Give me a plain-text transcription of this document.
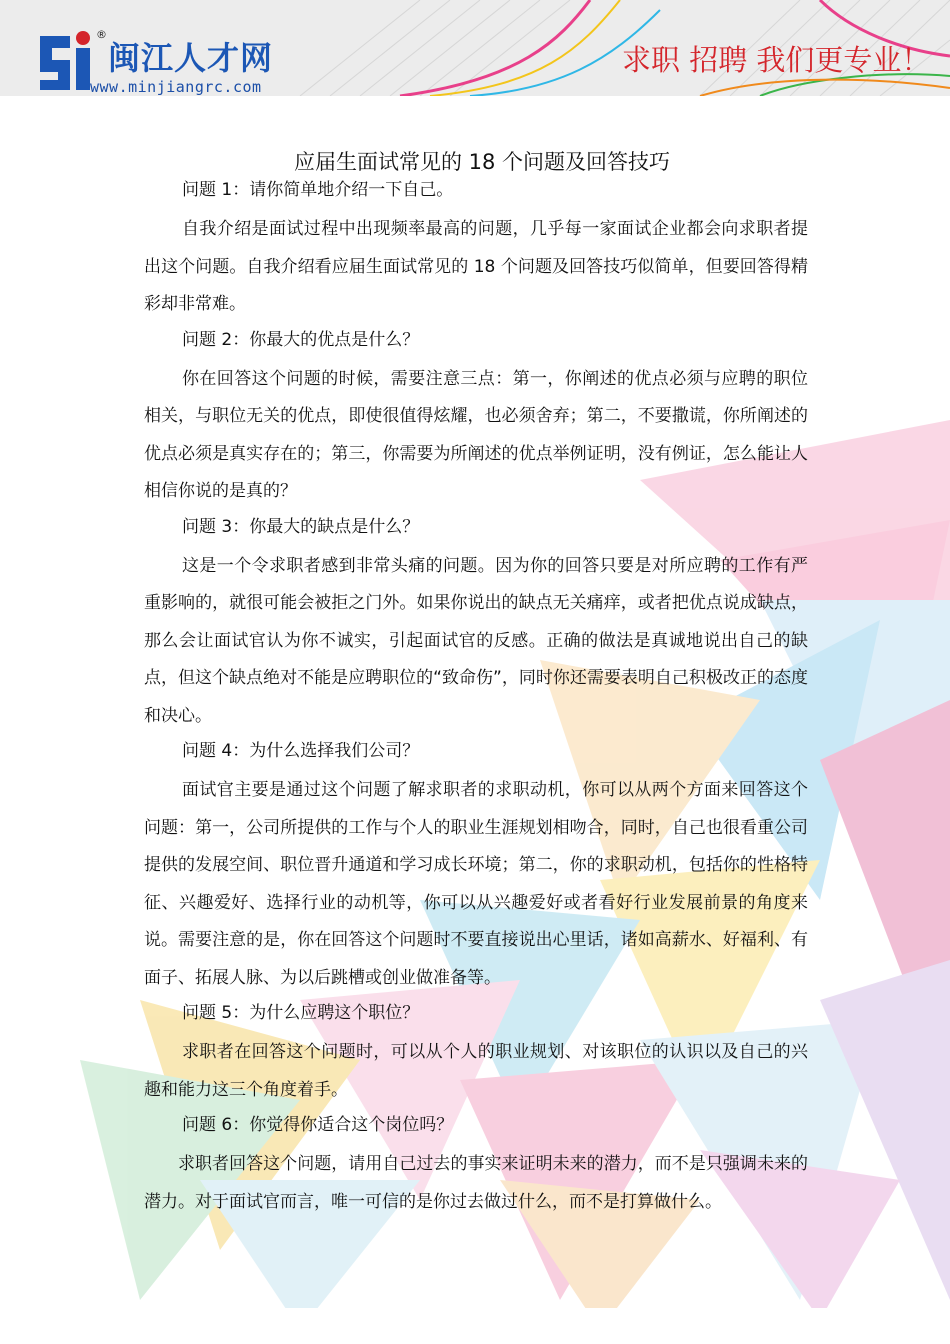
®
闽江人才网
www.minjiangrc.com
求职 招聘 我们更专业！
应届生面试常见的 18 个问题及回答技巧

问题 1：请你简单地介绍一下自己。

自我介绍是面试过程中出现频率最高的问题，几乎每一家面试企业都会向求职者提出这个问题。自我介绍看应届生面试常见的 18 个问题及回答技巧似简单，但要回答得精彩却非常难。

问题 2：你最大的优点是什么？

你在回答这个问题的时候，需要注意三点：第一，你阐述的优点必须与应聘的职位相关，与职位无关的优点，即使很值得炫耀，也必须舍弃；第二，不要撒谎，你所阐述的优点必须是真实存在的；第三，你需要为所阐述的优点举例证明，没有例证，怎么能让人相信你说的是真的？

问题 3：你最大的缺点是什么？

这是一个令求职者感到非常头痛的问题。因为你的回答只要是对所应聘的工作有严重影响的，就很可能会被拒之门外。如果你说出的缺点无关痛痒，或者把优点说成缺点，那么会让面试官认为你不诚实，引起面试官的反感。正确的做法是真诚地说出自己的缺点，但这个缺点绝对不能是应聘职位的“致命伤”，同时你还需要表明自己积极改正的态度和决心。

问题 4：为什么选择我们公司？

面试官主要是通过这个问题了解求职者的求职动机，你可以从两个方面来回答这个问题：第一，公司所提供的工作与个人的职业生涯规划相吻合，同时，自己也很看重公司提供的发展空间、职位晋升通道和学习成长环境；第二，你的求职动机，包括你的性格特征、兴趣爱好、选择行业的动机等，你可以从兴趣爱好或者看好行业发展前景的角度来说。需要注意的是，你在回答这个问题时不要直接说出心里话，诸如高薪水、好福利、有面子、拓展人脉、为以后跳槽或创业做准备等。

问题 5：为什么应聘这个职位？

求职者在回答这个问题时，可以从个人的职业规划、对该职位的认识以及自己的兴趣和能力这三个角度着手。

问题 6：你觉得你适合这个岗位吗？

求职者回答这个问题，请用自己过去的事实来证明未来的潜力，而不是只强调未来的潜力。对于面试官而言，唯一可信的是你过去做过什么，而不是打算做什么。
